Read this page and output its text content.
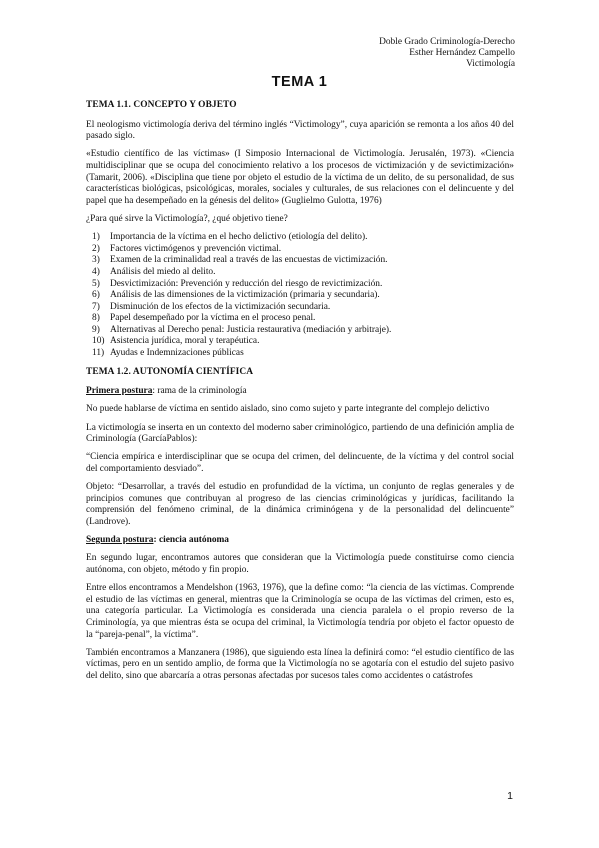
Doble Grado Criminología-Derecho
Esther Hernández Campello
Victimología
TEMA 1
TEMA 1.1. CONCEPTO Y OBJETO

El neologismo victimología deriva del término inglés “Victimology”, cuya aparición se remonta a los años 40 del pasado siglo.

«Estudio científico de las víctimas» (I Simposio Internacional de Victimología. Jerusalén, 1973). «Ciencia multidisciplinar que se ocupa del conocimiento relativo a los procesos de victimización y de sevictimización» (Tamarit, 2006). «Disciplina que tiene por objeto el estudio de la víctima de un delito, de su personalidad, de sus características biológicas, psicológicas, morales, sociales y culturales, de sus relaciones con el delincuente y del papel que ha desempeñado en la génesis del delito» (Guglielmo Gulotta, 1976)

¿Para qué sirve la Victimología?, ¿qué objetivo tiene?

1)	Importancia de la víctima en el hecho delictivo (etiología del delito).
2)	Factores victimógenos y prevención victimal.
3)	Examen de la criminalidad real a través de las encuestas de victimización.
4)	Análisis del miedo al delito.
5)	Desvictimización: Prevención y reducción del riesgo de revictimización.
6)	Análisis de las dimensiones de la victimización (primaria y secundaria).
7)	Disminución de los efectos de la victimización secundaria.
8)	Papel desempeñado por la víctima en el proceso penal.
9)	Alternativas al Derecho penal: Justicia restaurativa (mediación y arbitraje).
10) Asistencia jurídica, moral y terapéutica.
11) Ayudas e Indemnizaciones públicas
TEMA 1.2. AUTONOMÍA CIENTÍFICA

Primera postura: rama de la criminología

No puede hablarse de víctima en sentido aislado, sino como sujeto y parte integrante del complejo delictivo

La victimología se inserta en un contexto del moderno saber criminológico, partiendo de una definición amplia de Criminología (GarcíaPablos):

“Ciencia empírica e interdisciplinar que se ocupa del crimen, del delincuente, de la víctima y del control social del comportamiento desviado”.

Objeto: “Desarrollar, a través del estudio en profundidad de la víctima, un conjunto de reglas generales y de principios comunes que contribuyan al progreso de las ciencias criminológicas y jurídicas, facilitando la comprensión del fenómeno criminal, de la dinámica criminógena y de la personalidad del delincuente” (Landrove).

Segunda postura: ciencia autónoma

En segundo lugar, encontramos autores que consideran que la Victimología puede constituirse como ciencia autónoma, con objeto, método y fin propio.

Entre ellos encontramos a Mendelshon (1963, 1976), que la define como: “la ciencia de las víctimas. Comprende el estudio de las víctimas en general, mientras que la Criminología se ocupa de las víctimas del crimen, esto es, una categoría particular. La Victimología es considerada una ciencia paralela o el propio reverso de la Criminología, ya que mientras ésta se ocupa del criminal, la Victimología tendría por objeto el factor opuesto de la “pareja-penal”, la víctima”.

También encontramos a Manzanera (1986), que siguiendo esta línea la definirá como: “el estudio científico de las víctimas, pero en un sentido amplio, de forma que la Victimología no se agotaría con el estudio del sujeto pasivo del delito, sino que abarcaría a otras personas afectadas por sucesos tales como accidentes o catástrofes

1
